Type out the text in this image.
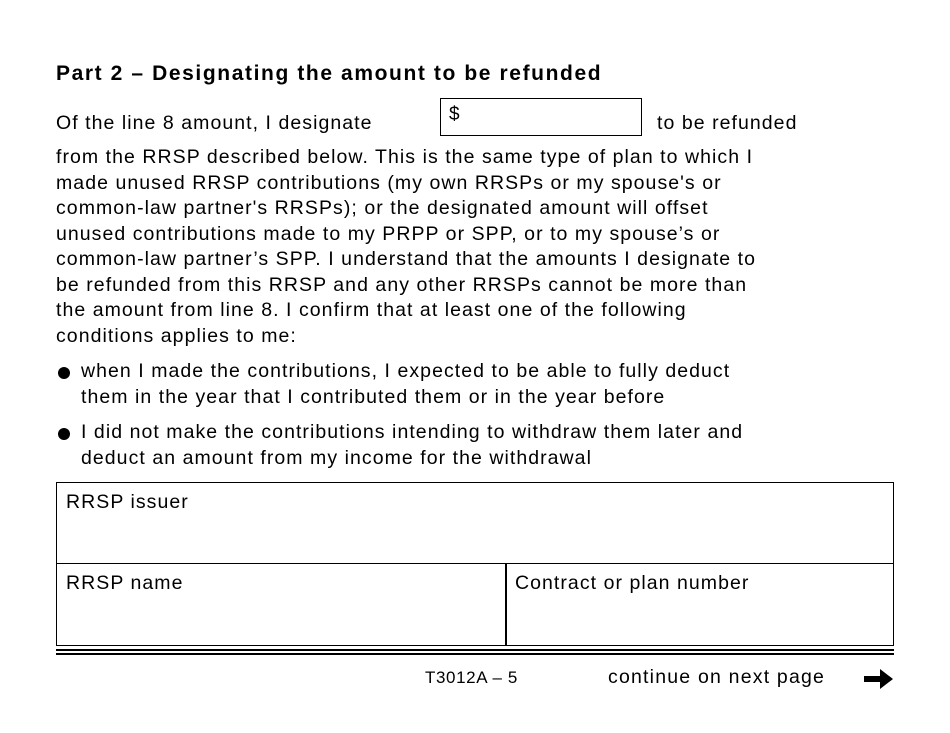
Part 2 – Designating the amount to be refunded
Of the line 8 amount, I designate	$	to be refunded
from the RRSP described below. This is the same type of plan to which I
made unused RRSP contributions (my own RRSPs or my spouse's or
common-law partner's RRSPs); or the designated amount will offset
unused contributions made to my PRPP or SPP, or to my spouse’s or
common-law partner’s SPP. I understand that the amounts I designate to
be refunded from this RRSP and any other RRSPs cannot be more than
the amount from line 8. I confirm that at least one of the following
conditions applies to me:
when I made the contributions, I expected to be able to fully deduct
them in the year that I contributed them or in the year before
I did not make the contributions intending to withdraw them later and
deduct an amount from my income for the withdrawal
RRSP issuer
RRSP name	Contract or plan number
T3012A – 5	continue on next page
